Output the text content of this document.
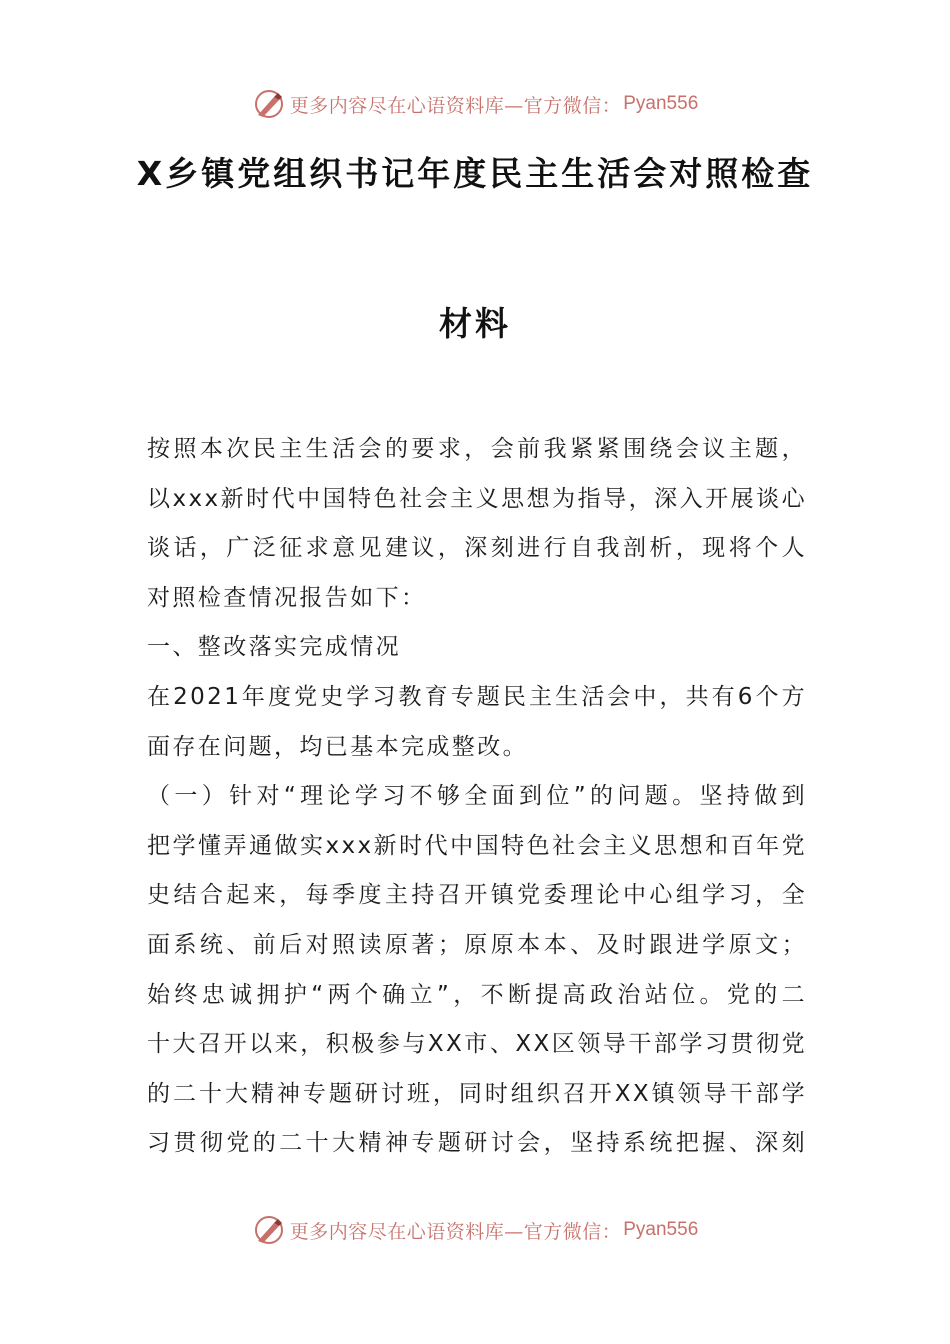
更多内容尽在心语资料库—官方微信： Pyan556
X乡镇党组织书记年度民主生活会对照检查
材料
按照本次民主生活会的要求，会前我紧紧围绕会议主题，
以xxx新时代中国特色社会主义思想为指导，深入开展谈心
谈话，广泛征求意见建议，深刻进行自我剖析，现将个人
对照检查情况报告如下：
一、整改落实完成情况
在2021年度党史学习教育专题民主生活会中，共有6个方
面存在问题，均已基本完成整改。
（一）针对“理论学习不够全面到位”的问题。坚持做到
把学懂弄通做实xxx新时代中国特色社会主义思想和百年党
史结合起来，每季度主持召开镇党委理论中心组学习，全
面系统、前后对照读原著；原原本本、及时跟进学原文；
始终忠诚拥护“两个确立”，不断提高政治站位。党的二
十大召开以来，积极参与XX市、XX区领导干部学习贯彻党
的二十大精神专题研讨班，同时组织召开XX镇领导干部学
习贯彻党的二十大精神专题研讨会，坚持系统把握、深刻
更多内容尽在心语资料库—官方微信： Pyan556
